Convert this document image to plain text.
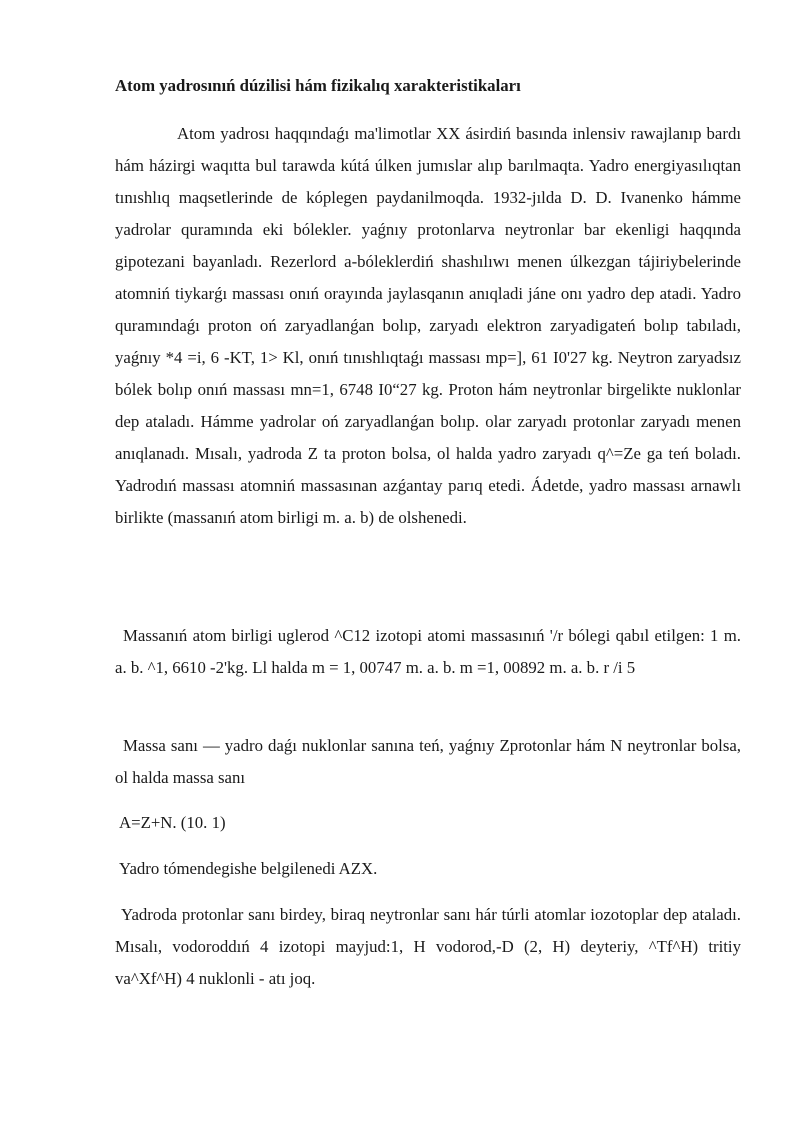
Atom yadrosınıń dúzilisi hám fizikalıq xarakteristikaları

Atom yadrosı haqqındaǵı ma'limotlar XX ásirdiń basında inlensiv rawajlanıp bardı hám házirgi waqıtta bul tarawda kútá úlken jumıslar alıp barılmaqta. Yadro energiyasılıqtan tınıshlıq maqsetlerinde de kóplegen paydanilmoqda. 1932-jılda D. D. Ivanenko hámme yadrolar quramında eki bólekler. yaǵnıy protonlarva neytronlar bar ekenligi haqqında gipotezani bayanladı. Rezerlord a-bóleklerdiń shashılıwı menen úlkezgan tájiriybelerinde atomniń tiykarǵı massası onıń orayında jaylasqanın anıqladi jáne onı yadro dep atadi. Yadro quramındaǵı proton oń zaryadlanǵan bolıp, zaryadı elektron zaryadigateń bolıp tabıladı, yaǵnıy *4 =i, 6 -KT, 1> Kl, onıń tınıshlıqtaǵı massası mp=], 61 I0'27 kg. Neytron zaryadsız bólek bolıp onıń massası mn=1, 6748 I0“27 kg. Proton hám neytronlar birgelikte nuklonlar dep ataladı. Hámme yadrolar oń zaryadlanǵan bolıp. olar zaryadı protonlar zaryadı menen anıqlanadı. Mısalı, yadroda Z ta proton bolsa, ol halda yadro zaryadı q^=Ze ga teń boladı. Yadrodıń massası atomniń massasınan azǵantay parıq etedi. Ádetde, yadro massası arnawlı birlikte (massanıń atom birligi m. a. b) de olshenedi.

Massanıń atom birligi uglerod ^C12 izotopi atomi massasınıń '/r bólegi qabıl etilgen: 1 m. a. b. ^1, 6610 -2'kg. Ll halda m = 1, 00747 m. a. b. m =1, 00892 m. a. b. r /i 5

Massa sanı — yadro daǵı nuklonlar sanına teń, yaǵnıy Zprotonlar hám N neytronlar bolsa, ol halda massa sanı

A=Z+N. (10. 1)

Yadro tómendegishe belgilenedi AZX.

Yadroda protonlar sanı birdey, biraq neytronlar sanı hár túrli atomlar iozotoplar dep ataladı. Mısalı, vodoroddıń 4 izotopi mayjud:1, H vodorod,-D (2, H) deyteriy, ^Tf^H) tritiy va^Xf^H) 4 nuklonli - atı joq.
